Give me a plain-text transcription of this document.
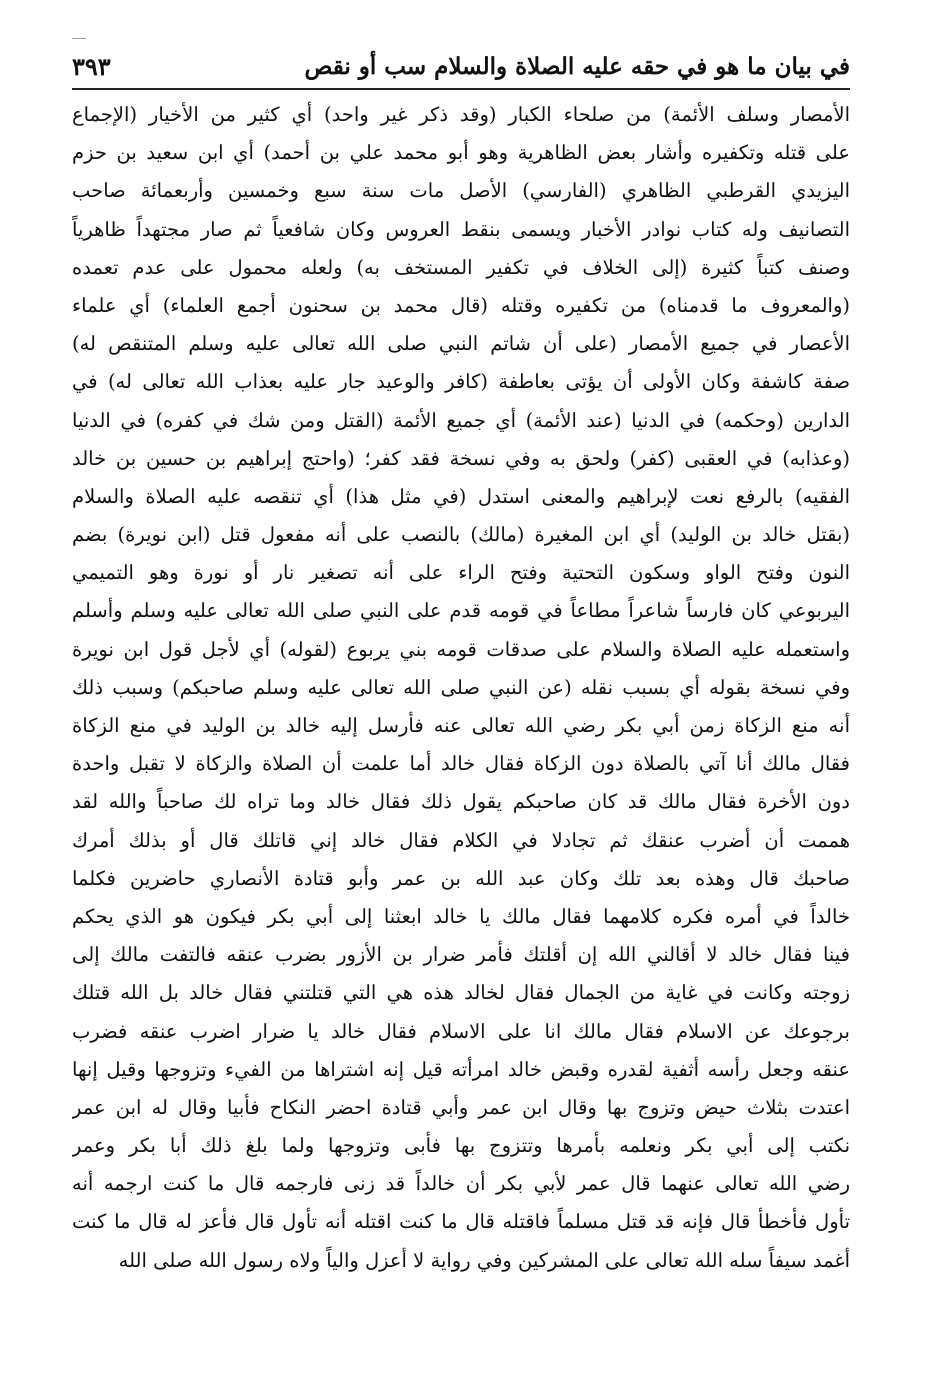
في بيان ما هو في حقه عليه الصلاة والسلام سب أو نقص
٣٩٣
الأمصار وسلف الأئمة) من صلحاء الكبار (وقد ذكر غير واحد) أي كثير من الأخيار (الإجماع
على قتله وتكفيره وأشار بعض الظاهرية وهو أبو محمد علي بن أحمد) أي ابن سعيد بن حزم
اليزيدي القرطبي الظاهري (الفارسي) الأصل مات سنة سبع وخمسين وأربعمائة صاحب
التصانيف وله كتاب نوادر الأخبار ويسمى بنقط العروس وكان شافعياً ثم صار مجتهداً ظاهرياً
وصنف كتباً كثيرة (إلى الخلاف في تكفير المستخف به) ولعله محمول على عدم تعمده
(والمعروف ما قدمناه) من تكفيره وقتله (قال محمد بن سحنون أجمع العلماء) أي علماء
الأعصار في جميع الأمصار (على أن شاتم النبي صلى الله تعالى عليه وسلم المتنقص له)
صفة كاشفة وكان الأولى أن يؤتى بعاطفة (كافر والوعيد جار عليه بعذاب الله تعالى له) في
الدارين (وحكمه) في الدنيا (عند الأئمة) أي جميع الأئمة (القتل ومن شك في كفره) في الدنيا
(وعذابه) في العقبى (كفر) ولحق به وفي نسخة فقد كفر؛ (واحتج إبراهيم بن حسين بن خالد
الفقيه) بالرفع نعت لإبراهيم والمعنى استدل (في مثل هذا) أي تنقصه عليه الصلاة والسلام
(بقتل خالد بن الوليد) أي ابن المغيرة (مالك) بالنصب على أنه مفعول قتل (ابن نويرة) بضم
النون وفتح الواو وسكون التحتية وفتح الراء على أنه تصغير نار أو نورة وهو التميمي
اليربوعي كان فارساً شاعراً مطاعاً في قومه قدم على النبي صلى الله تعالى عليه وسلم وأسلم
واستعمله عليه الصلاة والسلام على صدقات قومه بني يربوع (لقوله) أي لأجل قول ابن نويرة
وفي نسخة بقوله أي بسبب نقله (عن النبي صلى الله تعالى عليه وسلم صاحبكم) وسبب ذلك
أنه منع الزكاة زمن أبي بكر رضي الله تعالى عنه فأرسل إليه خالد بن الوليد في منع الزكاة
فقال مالك أنا آتي بالصلاة دون الزكاة فقال خالد أما علمت أن الصلاة والزكاة لا تقبل واحدة
دون الأخرة فقال مالك قد كان صاحبكم يقول ذلك فقال خالد وما تراه لك صاحباً والله لقد
هممت أن أضرب عنقك ثم تجادلا في الكلام فقال خالد إني قاتلك قال أو بذلك أمرك
صاحبك قال وهذه بعد تلك وكان عبد الله بن عمر وأبو قتادة الأنصاري حاضرين فكلما
خالداً في أمره فكره كلامهما فقال مالك يا خالد ابعثنا إلى أبي بكر فيكون هو الذي يحكم
فينا فقال خالد لا أقالني الله إن أقلتك فأمر ضرار بن الأزور بضرب عنقه فالتفت مالك إلى
زوجته وكانت في غاية من الجمال فقال لخالد هذه هي التي قتلتني فقال خالد بل الله قتلك
برجوعك عن الاسلام فقال مالك انا على الاسلام فقال خالد يا ضرار اضرب عنقه فضرب
عنقه وجعل رأسه أثفية لقدره وقبض خالد امرأته قيل إنه اشتراها من الفيء وتزوجها وقيل إنها
اعتدت بثلاث حيض وتزوج بها وقال ابن عمر وأبي قتادة احضر النكاح فأبيا وقال له ابن عمر
نكتب إلى أبي بكر ونعلمه بأمرها وتتزوج بها فأبى وتزوجها ولما بلغ ذلك أبا بكر وعمر
رضي الله تعالى عنهما قال عمر لأبي بكر أن خالداً قد زنى فارجمه قال ما كنت ارجمه أنه
تأول فأخطأ قال فإنه قد قتل مسلماً فاقتله قال ما كنت اقتله أنه تأول قال فأعز له قال ما كنت
أغمد سيفاً سله الله تعالى على المشركين وفي رواية لا أعزل والياً ولاه رسول الله صلى الله
